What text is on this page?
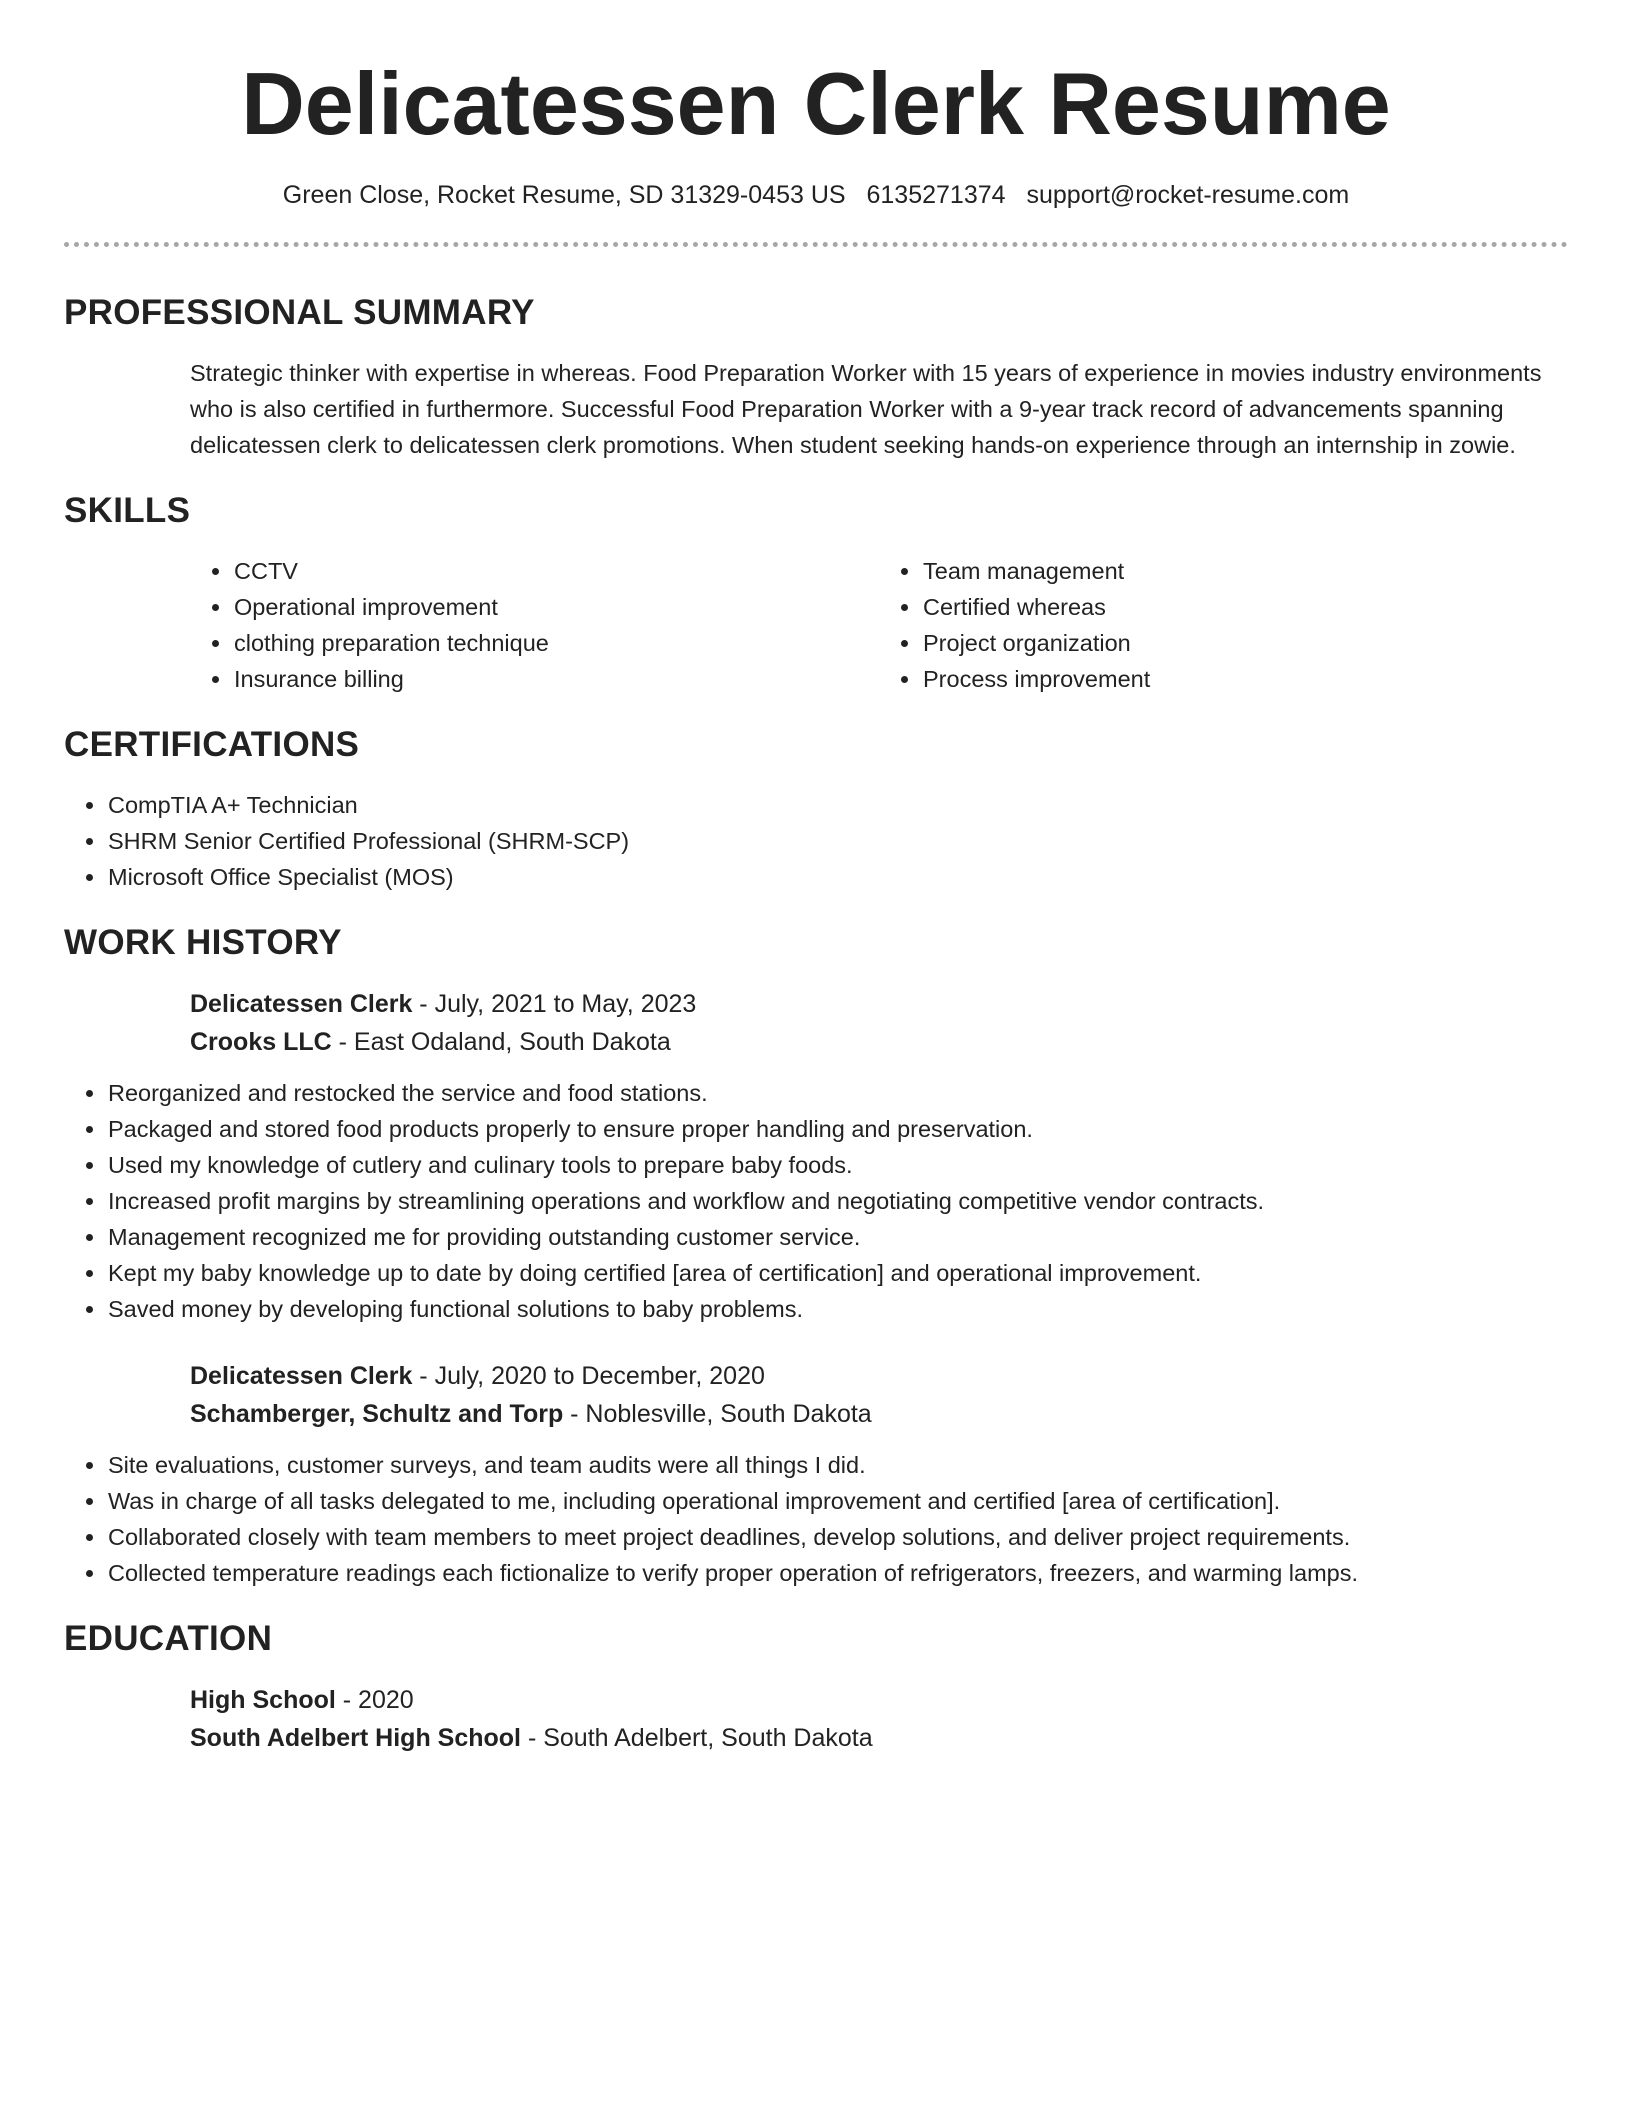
Delicatessen Clerk Resume
Green Close, Rocket Resume, SD 31329-0453 US 6135271374 support@rocket-resume.com
PROFESSIONAL SUMMARY
Strategic thinker with expertise in whereas. Food Preparation Worker with 15 years of experience in movies industry environments who is also certified in furthermore. Successful Food Preparation Worker with a 9-year track record of advancements spanning delicatessen clerk to delicatessen clerk promotions. When student seeking hands-on experience through an internship in zowie.
SKILLS
• CCTV
• Operational improvement
• clothing preparation technique
• Insurance billing
• Team management
• Certified whereas
• Project organization
• Process improvement
CERTIFICATIONS
• CompTIA A+ Technician
• SHRM Senior Certified Professional (SHRM-SCP)
• Microsoft Office Specialist (MOS)
WORK HISTORY
Delicatessen Clerk - July, 2021 to May, 2023
Crooks LLC - East Odaland, South Dakota
• Reorganized and restocked the service and food stations.
• Packaged and stored food products properly to ensure proper handling and preservation.
• Used my knowledge of cutlery and culinary tools to prepare baby foods.
• Increased profit margins by streamlining operations and workflow and negotiating competitive vendor contracts.
• Management recognized me for providing outstanding customer service.
• Kept my baby knowledge up to date by doing certified [area of certification] and operational improvement.
• Saved money by developing functional solutions to baby problems.
Delicatessen Clerk - July, 2020 to December, 2020
Schamberger, Schultz and Torp - Noblesville, South Dakota
• Site evaluations, customer surveys, and team audits were all things I did.
• Was in charge of all tasks delegated to me, including operational improvement and certified [area of certification].
• Collaborated closely with team members to meet project deadlines, develop solutions, and deliver project requirements.
• Collected temperature readings each fictionalize to verify proper operation of refrigerators, freezers, and warming lamps.
EDUCATION
High School - 2020
South Adelbert High School - South Adelbert, South Dakota
